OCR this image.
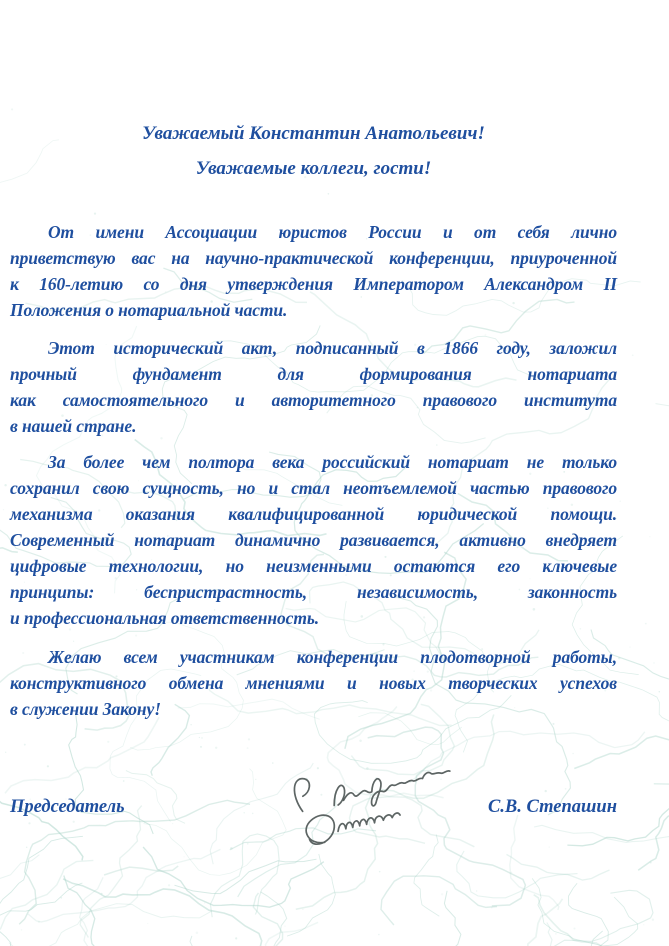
Уважаемый Константин Анатольевич!
Уважаемые коллеги, гости!
От имени Ассоциации юристов России и от себя лично
приветствую вас на научно-практической конференции, приуроченной
к 160-летию со дня утверждения Императором Александром II
Положения о нотариальной части.
Этот исторический акт, подписанный в 1866 году, заложил
прочный фундамент для формирования нотариата
как самостоятельного и авторитетного правового института
в нашей стране.
За более чем полтора века российский нотариат не только
сохранил свою сущность, но и стал неотъемлемой частью правового
механизма оказания квалифицированной юридической помощи.
Современный нотариат динамично развивается, активно внедряет
цифровые технологии, но неизменными остаются его ключевые
принципы: беспристрастность, независимость, законность
и профессиональная ответственность.
Желаю всем участникам конференции плодотворной работы,
конструктивного обмена мнениями и новых творческих успехов
в служении Закону!
Председатель	С.В. Степашин
